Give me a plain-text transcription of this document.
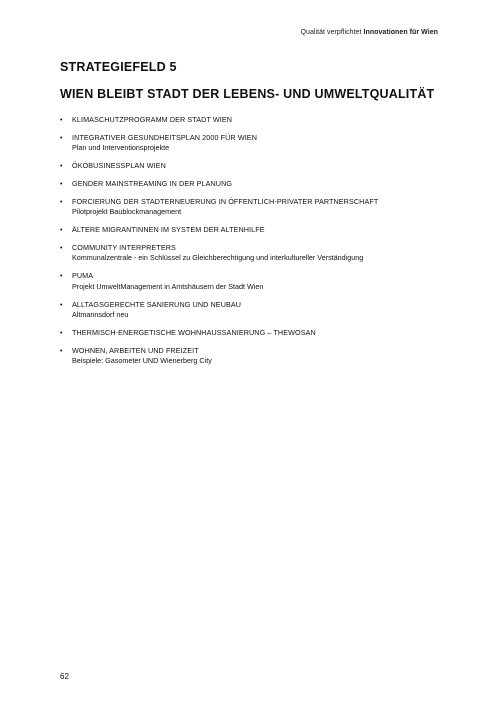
Qualität verpflichtet Innovationen für Wien
STRATEGIEFELD 5
WIEN BLEIBT STADT DER LEBENS- UND UMWELTQUALITÄT
• KLIMASCHUTZPROGRAMM DER STADT WIEN
• INTEGRATIVER GESUNDHEITSPLAN 2000 FÜR WIEN
Plan und Interventionsprojekte
• ÖKOBUSINESSPLAN WIEN
• GENDER MAINSTREAMING IN DER PLANUNG
• FORCIERUNG DER STADTERNEUERUNG IN ÖFFENTLICH-PRIVATER PARTNERSCHAFT
Pilotprojekt Baublockmanagement
• ÄLTERE MIGRANTINNEN IM SYSTEM DER ALTENHILFE
• COMMUNITY INTERPRETERS
Kommunalzentrale - ein Schlüssel zu Gleichberechtigung und interkultureller Verständigung
• PUMA
Projekt UmweltManagement in Amtshäusern der Stadt Wien
• ALLTAGSGERECHTE SANIERUNG UND NEUBAU
Altmannsdorf neu
• THERMISCH-ENERGETISCHE WOHNHAUSSANIERUNG – THEWOSAN
• WOHNEN, ARBEITEN UND FREIZEIT
Beispiele: Gasometer UND Wienerberg City
62
